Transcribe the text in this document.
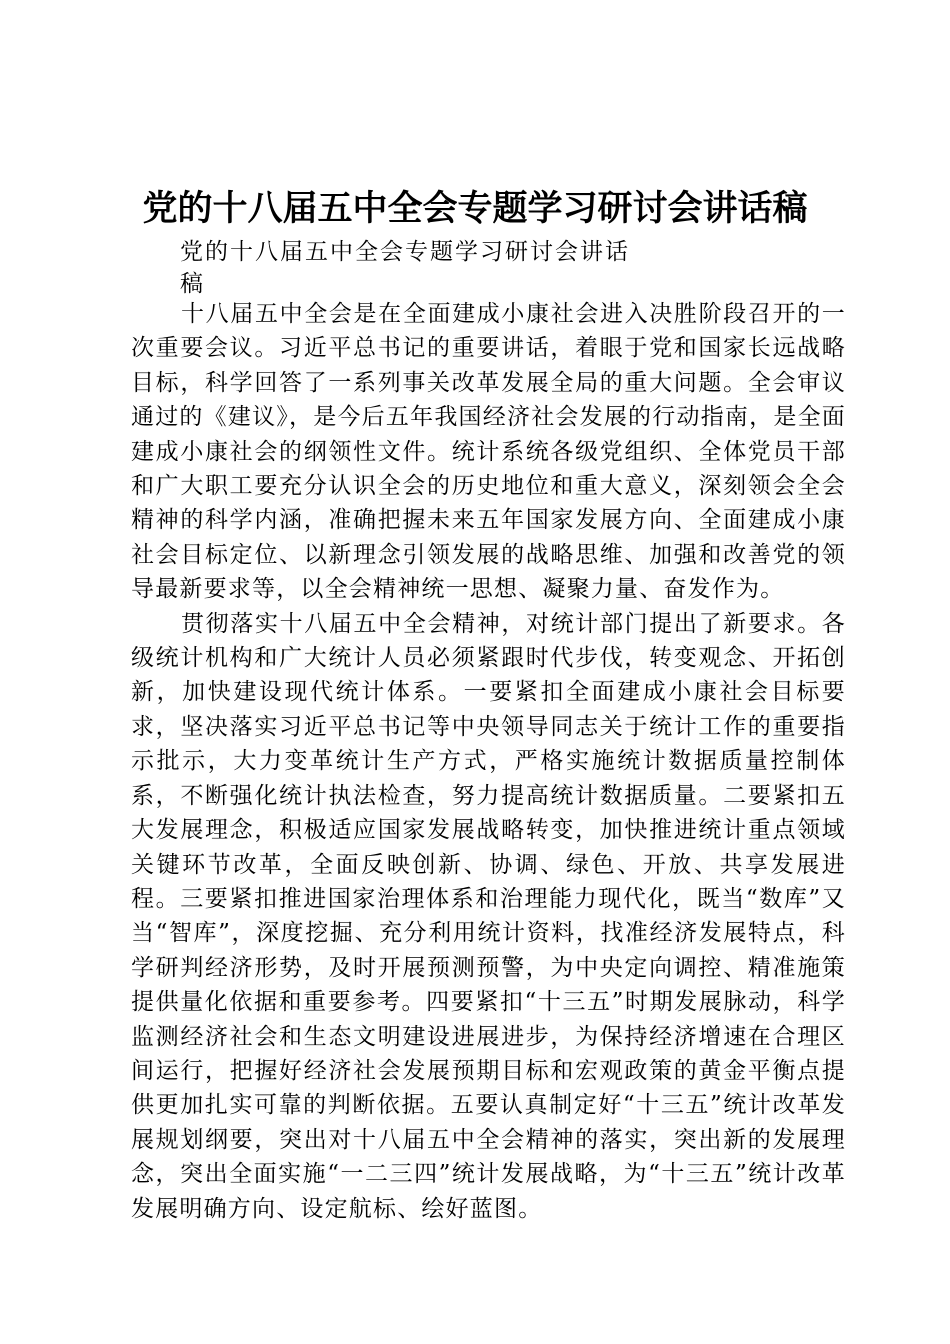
党的十八届五中全会专题学习研讨会讲话稿
党的十八届五中全会专题学习研讨会讲话稿

十八届五中全会是在全面建成小康社会进入决胜阶段召开的一次重要会议。习近平总书记的重要讲话，着眼于党和国家长远战略目标，科学回答了一系列事关改革发展全局的重大问题。全会审议通过的《建议》，是今后五年我国经济社会发展的行动指南，是全面建成小康社会的纲领性文件。统计系统各级党组织、全体党员干部和广大职工要充分认识全会的历史地位和重大意义，深刻领会全会精神的科学内涵，准确把握未来五年国家发展方向、全面建成小康社会目标定位、以新理念引领发展的战略思维、加强和改善党的领导最新要求等，以全会精神统一思想、凝聚力量、奋发作为。

贯彻落实十八届五中全会精神，对统计部门提出了新要求。各级统计机构和广大统计人员必须紧跟时代步伐，转变观念、开拓创新，加快建设现代统计体系。一要紧扣全面建成小康社会目标要求，坚决落实习近平总书记等中央领导同志关于统计工作的重要指示批示，大力变革统计生产方式，严格实施统计数据质量控制体系，不断强化统计执法检查，努力提高统计数据质量。二要紧扣五大发展理念，积极适应国家发展战略转变，加快推进统计重点领域关键环节改革，全面反映创新、协调、绿色、开放、共享发展进程。三要紧扣推进国家治理体系和治理能力现代化，既当“数库”又当“智库”，深度挖掘、充分利用统计资料，找准经济发展特点，科学研判经济形势，及时开展预测预警，为中央定向调控、精准施策提供量化依据和重要参考。四要紧扣“十三五”时期发展脉动，科学监测经济社会和生态文明建设进展进步，为保持经济增速在合理区间运行，把握好经济社会发展预期目标和宏观政策的黄金平衡点提供更加扎实可靠的判断依据。五要认真制定好“十三五”统计改革发展规划纲要，突出对十八届五中全会精神的落实，突出新的发展理念，突出全面实施“一二三四”统计发展战略，为“十三五”统计改革发展明确方向、设定航标、绘好蓝图。
